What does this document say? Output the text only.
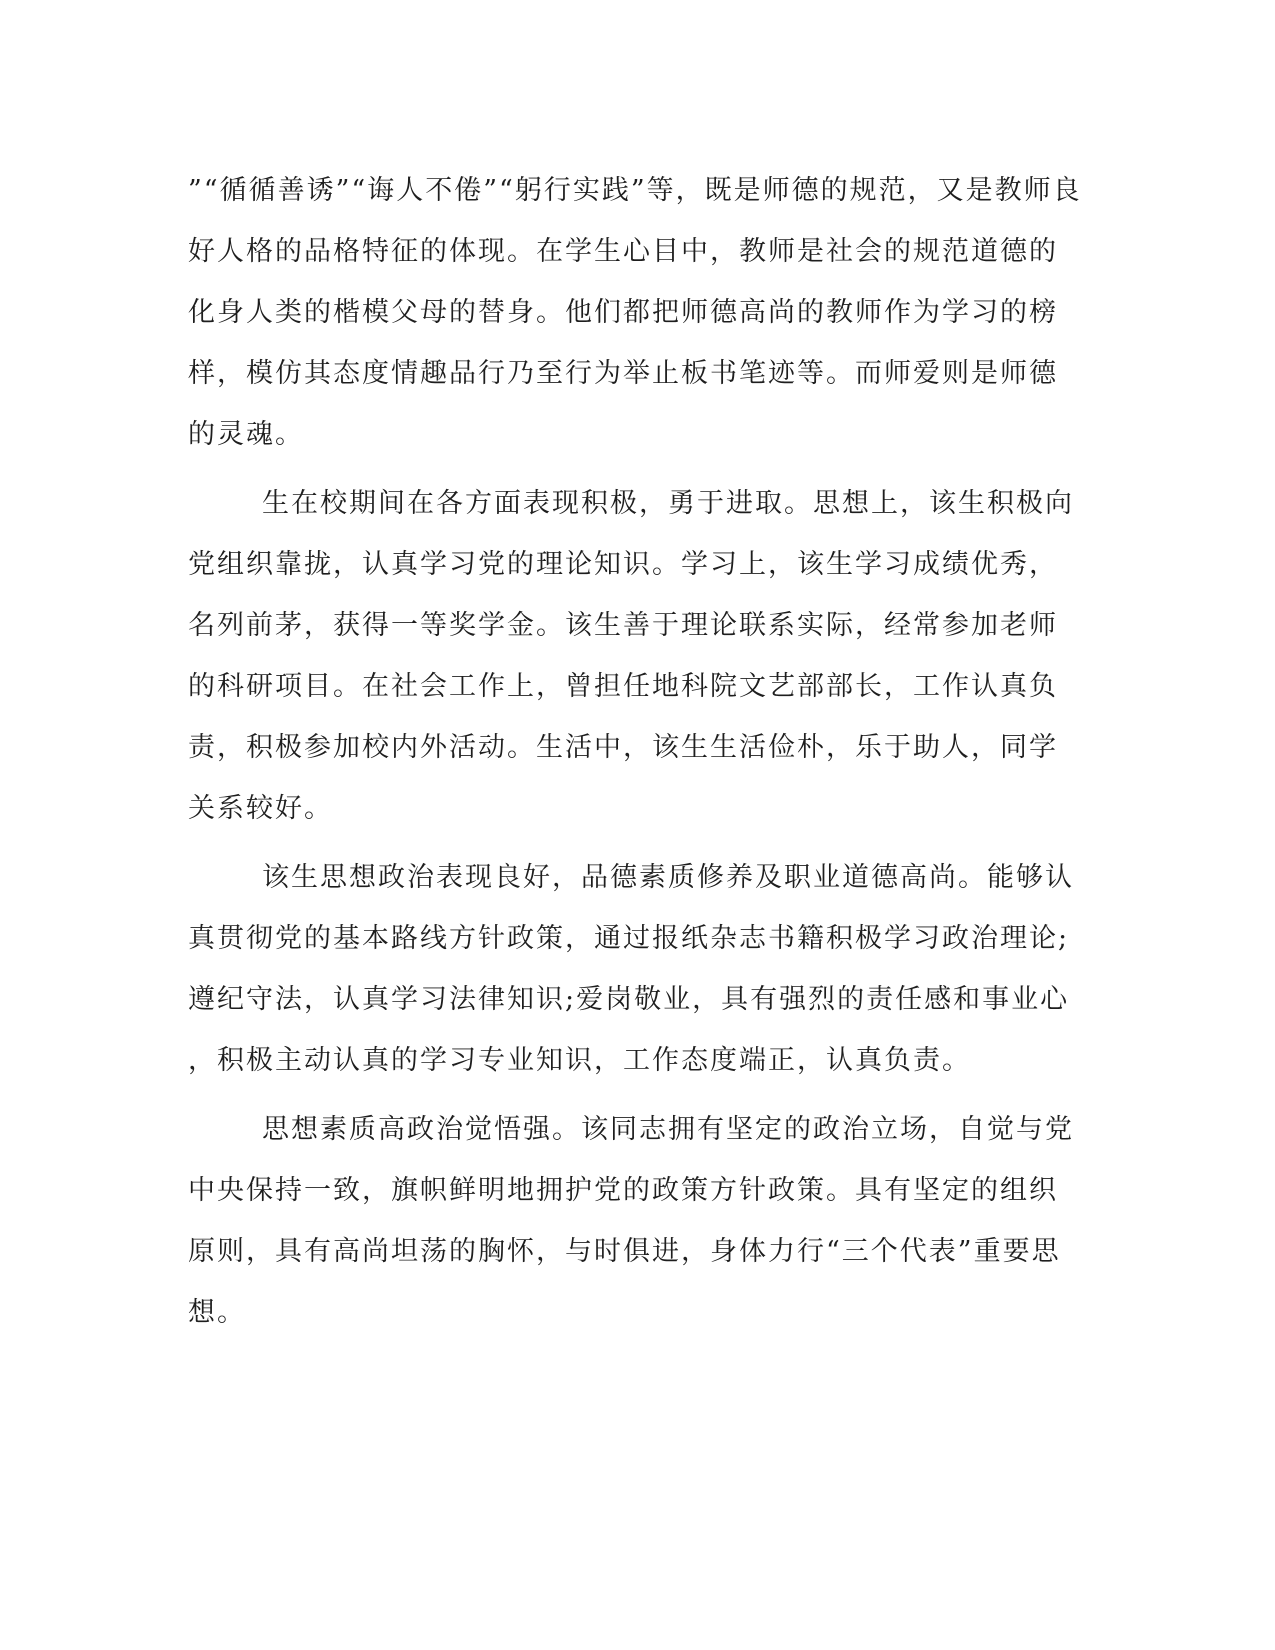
”“循循善诱”“诲人不倦”“躬行实践”等，既是师德的规范，又是教师良
好人格的品格特征的体现。在学生心目中，教师是社会的规范道德的
化身人类的楷模父母的替身。他们都把师德高尚的教师作为学习的榜
样，模仿其态度情趣品行乃至行为举止板书笔迹等。而师爱则是师德
的灵魂。
生在校期间在各方面表现积极，勇于进取。思想上，该生积极向
党组织靠拢，认真学习党的理论知识。学习上，该生学习成绩优秀，
名列前茅，获得一等奖学金。该生善于理论联系实际，经常参加老师
的科研项目。在社会工作上，曾担任地科院文艺部部长，工作认真负
责，积极参加校内外活动。生活中，该生生活俭朴，乐于助人，同学
关系较好。
该生思想政治表现良好，品德素质修养及职业道德高尚。能够认
真贯彻党的基本路线方针政策，通过报纸杂志书籍积极学习政治理论;
遵纪守法，认真学习法律知识;爱岗敬业，具有强烈的责任感和事业心
，积极主动认真的学习专业知识，工作态度端正，认真负责。
思想素质高政治觉悟强。该同志拥有坚定的政治立场，自觉与党
中央保持一致，旗帜鲜明地拥护党的政策方针政策。具有坚定的组织
原则，具有高尚坦荡的胸怀，与时俱进，身体力行“三个代表”重要思
想。
